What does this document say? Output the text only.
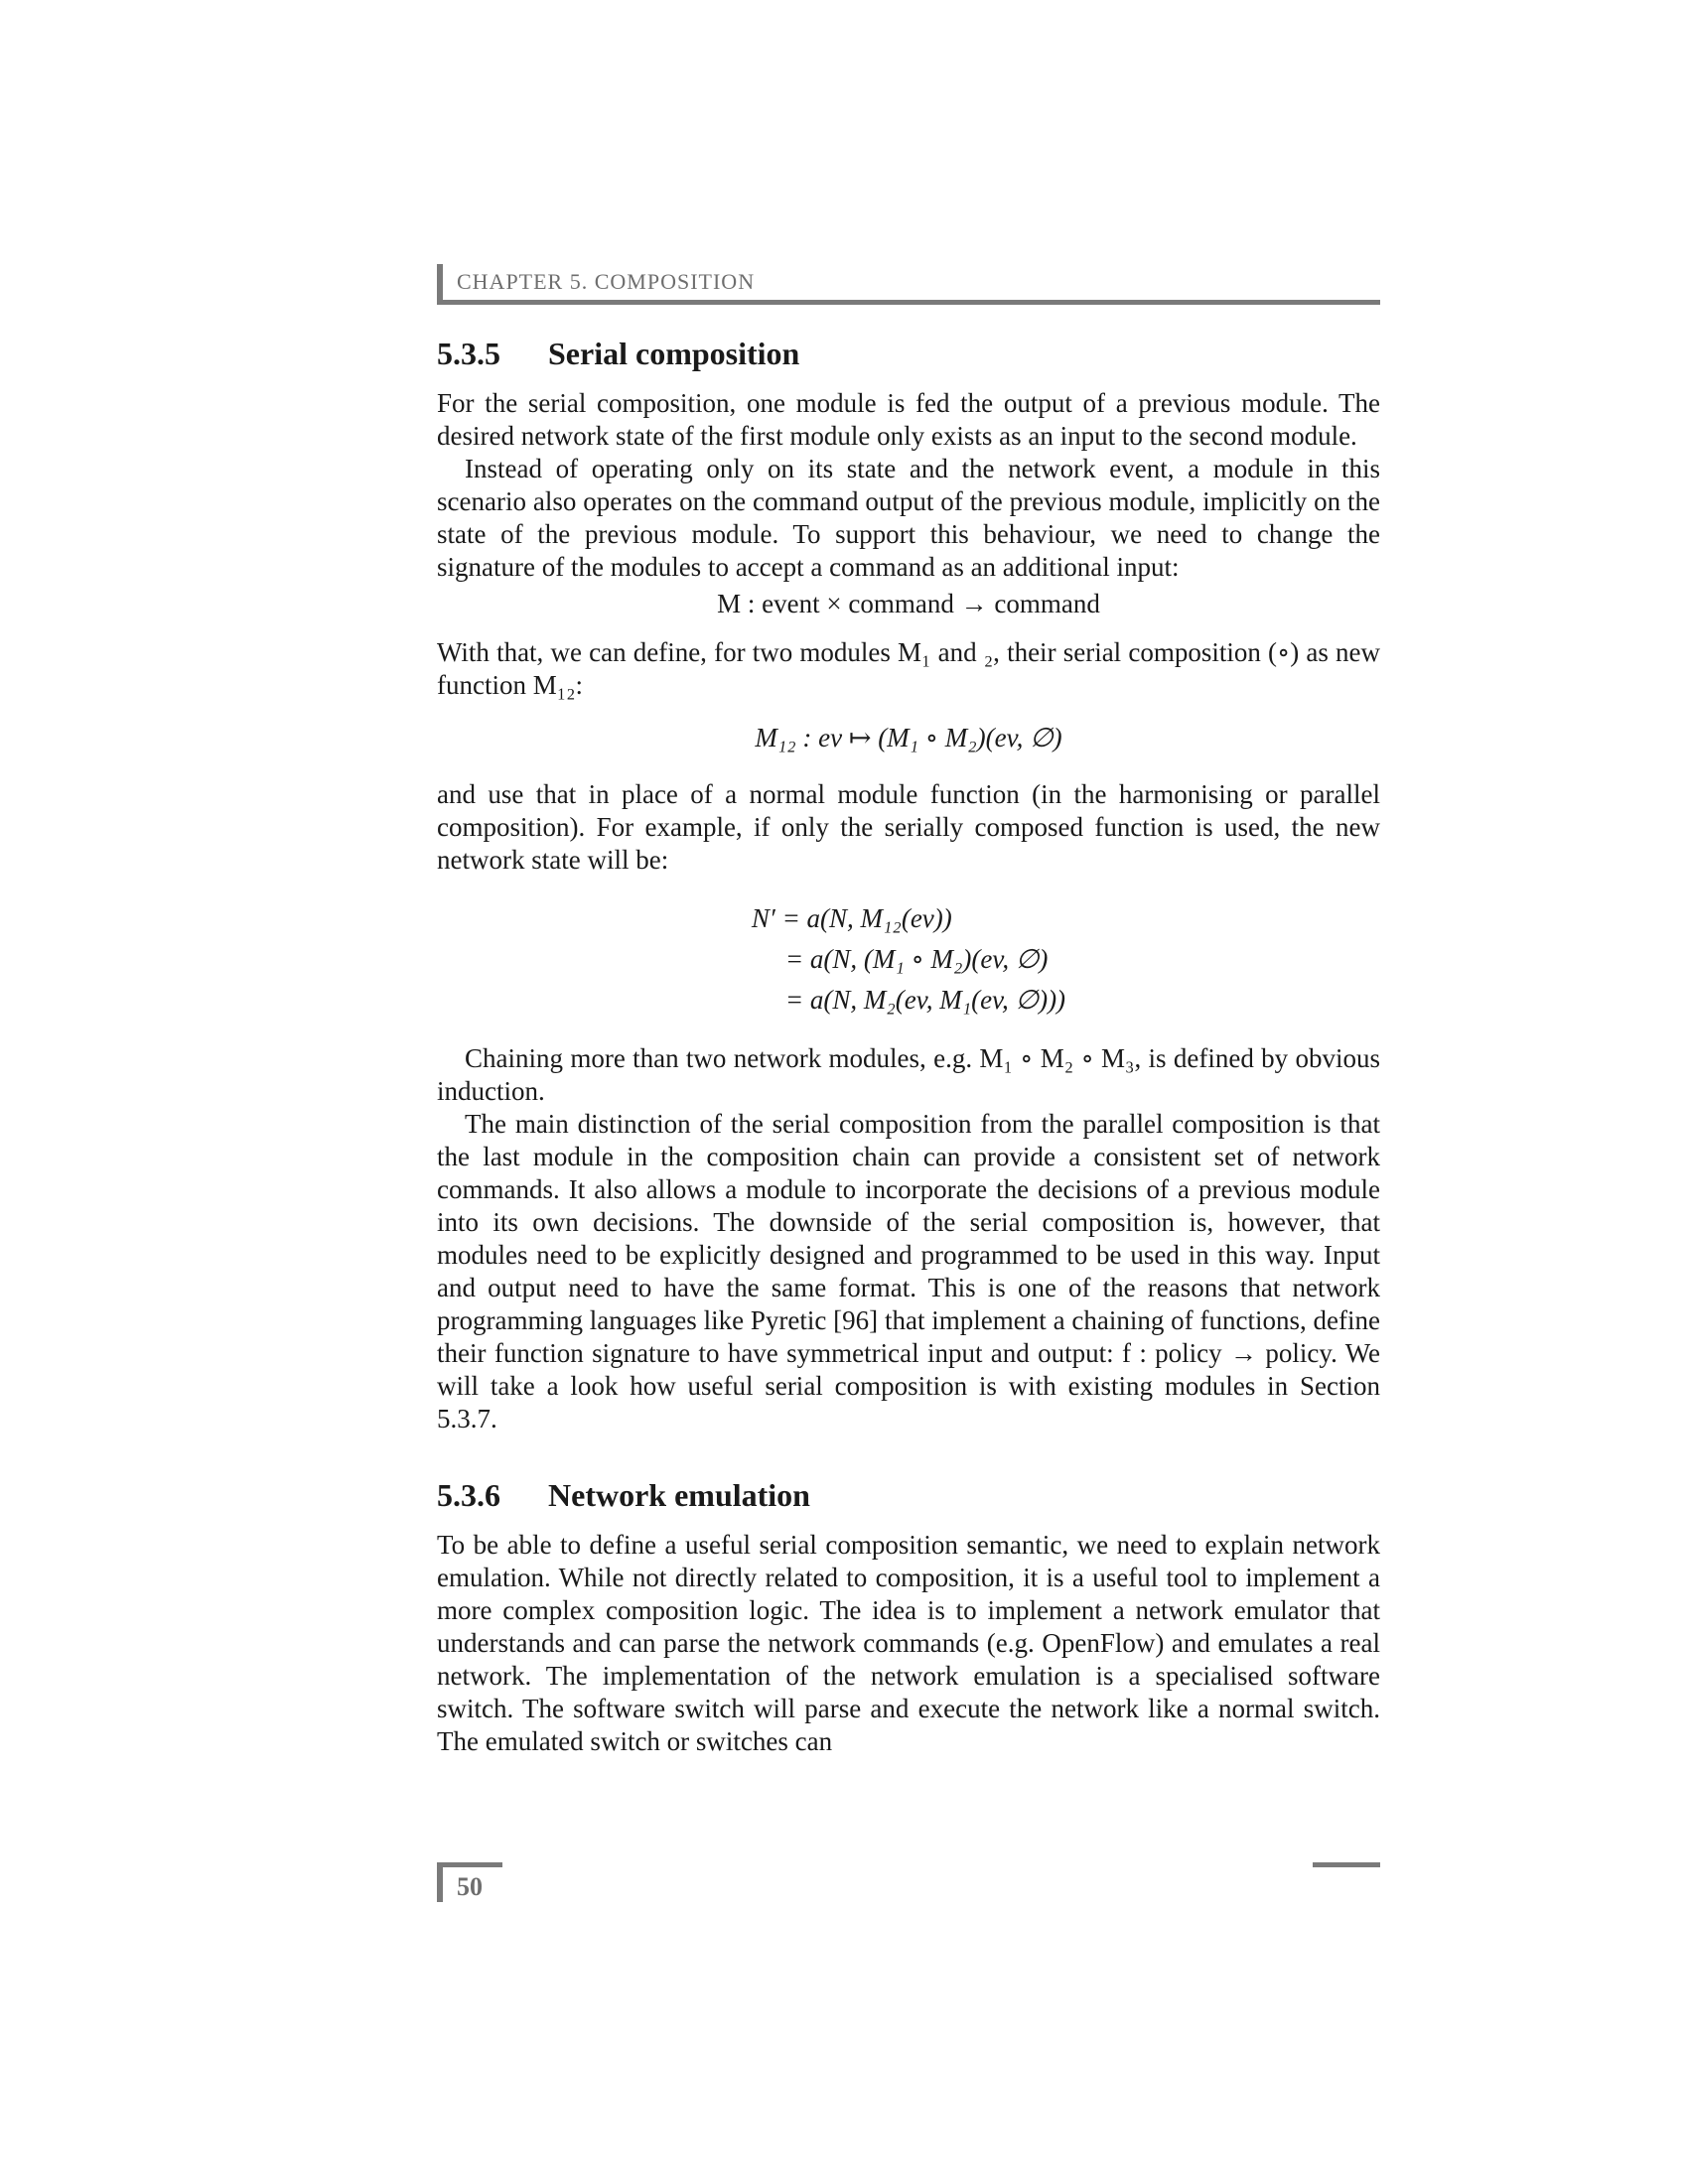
CHAPTER 5. COMPOSITION
5.3.5 Serial composition

For the serial composition, one module is fed the output of a previous module. The desired network state of the first module only exists as an input to the second module.

Instead of operating only on its state and the network event, a module in this scenario also operates on the command output of the previous module, implicitly on the state of the previous module. To support this behaviour, we need to change the signature of the modules to accept a command as an additional input:

M : event × command → command

With that, we can define, for two modules M₁ and ₂, their serial composition (∘) as new function M₁₂:

M₁₂ : ev ↦ (M₁ ∘ M₂)(ev, ∅)

and use that in place of a normal module function (in the harmonising or parallel composition). For example, if only the serially composed function is used, the new network state will be:

N′ = a(N, M₁₂(ev))
= a(N, (M₁ ∘ M₂)(ev, ∅)
= a(N, M₂(ev, M₁(ev, ∅)))

Chaining more than two network modules, e.g. M₁ ∘ M₂ ∘ M₃, is defined by obvious induction.

The main distinction of the serial composition from the parallel composition is that the last module in the composition chain can provide a consistent set of network commands. It also allows a module to incorporate the decisions of a previous module into its own decisions. The downside of the serial composition is, however, that modules need to be explicitly designed and programmed to be used in this way. Input and output need to have the same format. This is one of the reasons that network programming languages like Pyretic [96] that implement a chaining of functions, define their function signature to have symmetrical input and output: f : policy → policy. We will take a look how useful serial composition is with existing modules in Section 5.3.7.

5.3.6 Network emulation

To be able to define a useful serial composition semantic, we need to explain network emulation. While not directly related to composition, it is a useful tool to implement a more complex composition logic. The idea is to implement a network emulator that understands and can parse the network commands (e.g. OpenFlow) and emulates a real network. The implementation of the network emulation is a specialised software switch. The software switch will parse and execute the network like a normal switch. The emulated switch or switches can

50
